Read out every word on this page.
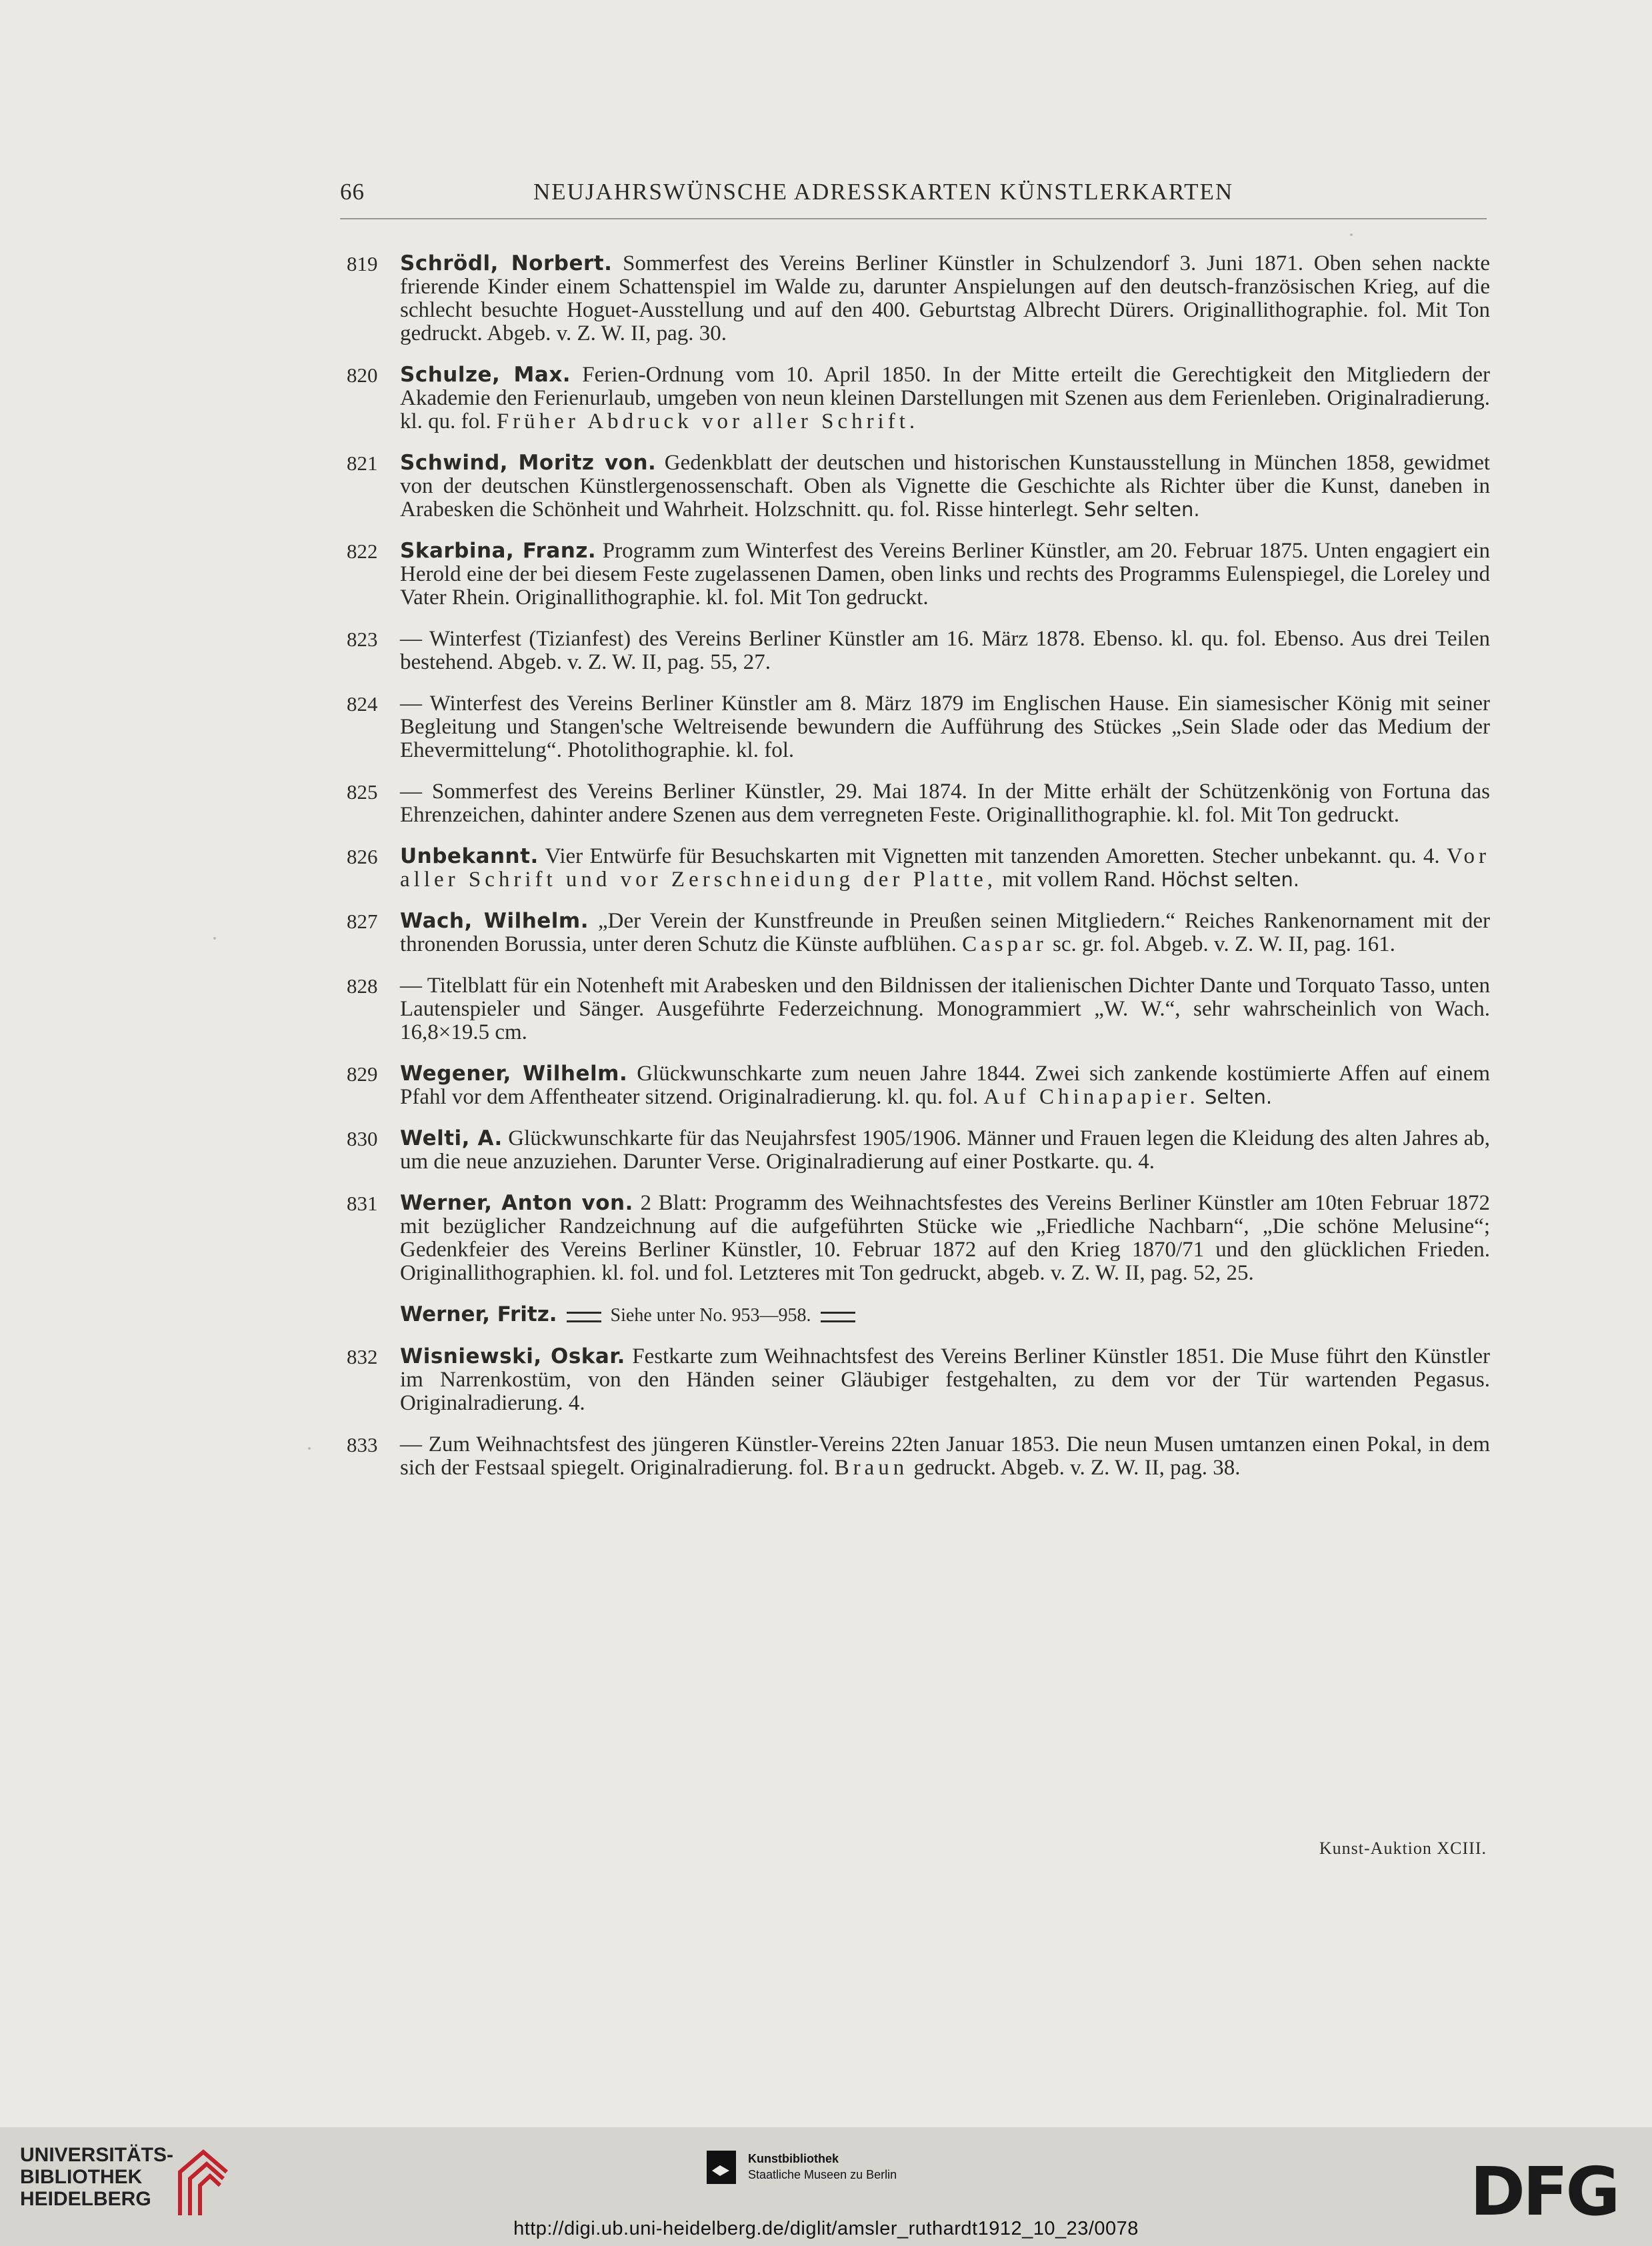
66	NEUJAHRSWÜNSCHE ADRESSKARTEN KÜNSTLERKARTEN
819 Schrödl, Norbert. Sommerfest des Vereins Berliner Künstler in Schulzendorf 3. Juni 1871. Oben sehen nackte frierende Kinder einem Schattenspiel im Walde zu, darunter Anspielungen auf den deutsch-französischen Krieg, auf die schlecht besuchte Hoguet-Ausstellung und auf den 400. Geburtstag Albrecht Dürers. Originallithographie. fol. Mit Ton gedruckt. Abgeb. v. Z. W. II, pag. 30.
820 Schulze, Max. Ferien-Ordnung vom 10. April 1850. In der Mitte erteilt die Gerechtigkeit den Mitgliedern der Akademie den Ferienurlaub, umgeben von neun kleinen Darstellungen mit Szenen aus dem Ferienleben. Originalradierung. kl. qu. fol. Früher Abdruck vor aller Schrift.
821 Schwind, Moritz von. Gedenkblatt der deutschen und historischen Kunstausstellung in München 1858, gewidmet von der deutschen Künstlergenossenschaft. Oben als Vignette die Geschichte als Richter über die Kunst, daneben in Arabesken die Schönheit und Wahrheit. Holzschnitt. qu. fol. Risse hinterlegt. Sehr selten.
822 Skarbina, Franz. Programm zum Winterfest des Vereins Berliner Künstler, am 20. Februar 1875. Unten engagiert ein Herold eine der bei diesem Feste zugelassenen Damen, oben links und rechts des Programms Eulenspiegel, die Loreley und Vater Rhein. Originallithographie. kl. fol. Mit Ton gedruckt.
823 — Winterfest (Tizianfest) des Vereins Berliner Künstler am 16. März 1878. Ebenso. kl. qu. fol. Ebenso. Aus drei Teilen bestehend. Abgeb. v. Z. W. II, pag. 55, 27.
824 — Winterfest des Vereins Berliner Künstler am 8. März 1879 im Englischen Hause. Ein siamesischer König mit seiner Begleitung und Stangen'sche Weltreisende bewundern die Aufführung des Stückes „Sein Slade oder das Medium der Ehevermittelung“. Photolithographie. kl. fol.
825 — Sommerfest des Vereins Berliner Künstler, 29. Mai 1874. In der Mitte erhält der Schützenkönig von Fortuna das Ehrenzeichen, dahinter andere Szenen aus dem verregneten Feste. Originallithographie. kl. fol. Mit Ton gedruckt.
826 Unbekannt. Vier Entwürfe für Besuchskarten mit Vignetten mit tanzenden Amoretten. Stecher unbekannt. qu. 4. Vor aller Schrift und vor Zerschneidung der Platte, mit vollem Rand. Höchst selten.
827 Wach, Wilhelm. „Der Verein der Kunstfreunde in Preußen seinen Mitgliedern.“ Reiches Rankenornament mit der thronenden Borussia, unter deren Schutz die Künste aufblühen. Caspar sc. gr. fol. Abgeb. v. Z. W. II, pag. 161.
828 — Titelblatt für ein Notenheft mit Arabesken und den Bildnissen der italienischen Dichter Dante und Torquato Tasso, unten Lautenspieler und Sänger. Ausgeführte Federzeichnung. Monogrammiert „W. W.“, sehr wahrscheinlich von Wach. 16,8×19.5 cm.
829 Wegener, Wilhelm. Glückwunschkarte zum neuen Jahre 1844. Zwei sich zankende kostümierte Affen auf einem Pfahl vor dem Affentheater sitzend. Originalradierung. kl. qu. fol. Auf Chinapapier. Selten.
830 Welti, A. Glückwunschkarte für das Neujahrsfest 1905/1906. Männer und Frauen legen die Kleidung des alten Jahres ab, um die neue anzuziehen. Darunter Verse. Originalradierung auf einer Postkarte. qu. 4.
831 Werner, Anton von. 2 Blatt: Programm des Weihnachtsfestes des Vereins Berliner Künstler am 10ten Februar 1872 mit bezüglicher Randzeichnung auf die aufgeführten Stücke wie „Friedliche Nachbarn“, „Die schöne Melusine“; Gedenkfeier des Vereins Berliner Künstler, 10. Februar 1872 auf den Krieg 1870/71 und den glücklichen Frieden. Originallithographien. kl. fol. und fol. Letzteres mit Ton gedruckt, abgeb. v. Z. W. II, pag. 52, 25.
Werner, Fritz.	Siehe unter No. 953—958.
832 Wisniewski, Oskar. Festkarte zum Weihnachtsfest des Vereins Berliner Künstler 1851. Die Muse führt den Künstler im Narrenkostüm, von den Händen seiner Gläubiger festgehalten, zu dem vor der Tür wartenden Pegasus. Originalradierung. 4.
833 — Zum Weihnachtsfest des jüngeren Künstler-Vereins 22ten Januar 1853. Die neun Musen umtanzen einen Pokal, in dem sich der Festsaal spiegelt. Originalradierung. fol. Braun gedruckt. Abgeb. v. Z. W. II, pag. 38.
Kunst-Auktion XCIII.
UNIVERSITÄTS-
BIBLIOTHEK
HEIDELBERG
Kunstbibliothek
Staatliche Museen zu Berlin	DFG
http://digi.ub.uni-heidelberg.de/diglit/amsler_ruthardt1912_10_23/0078
